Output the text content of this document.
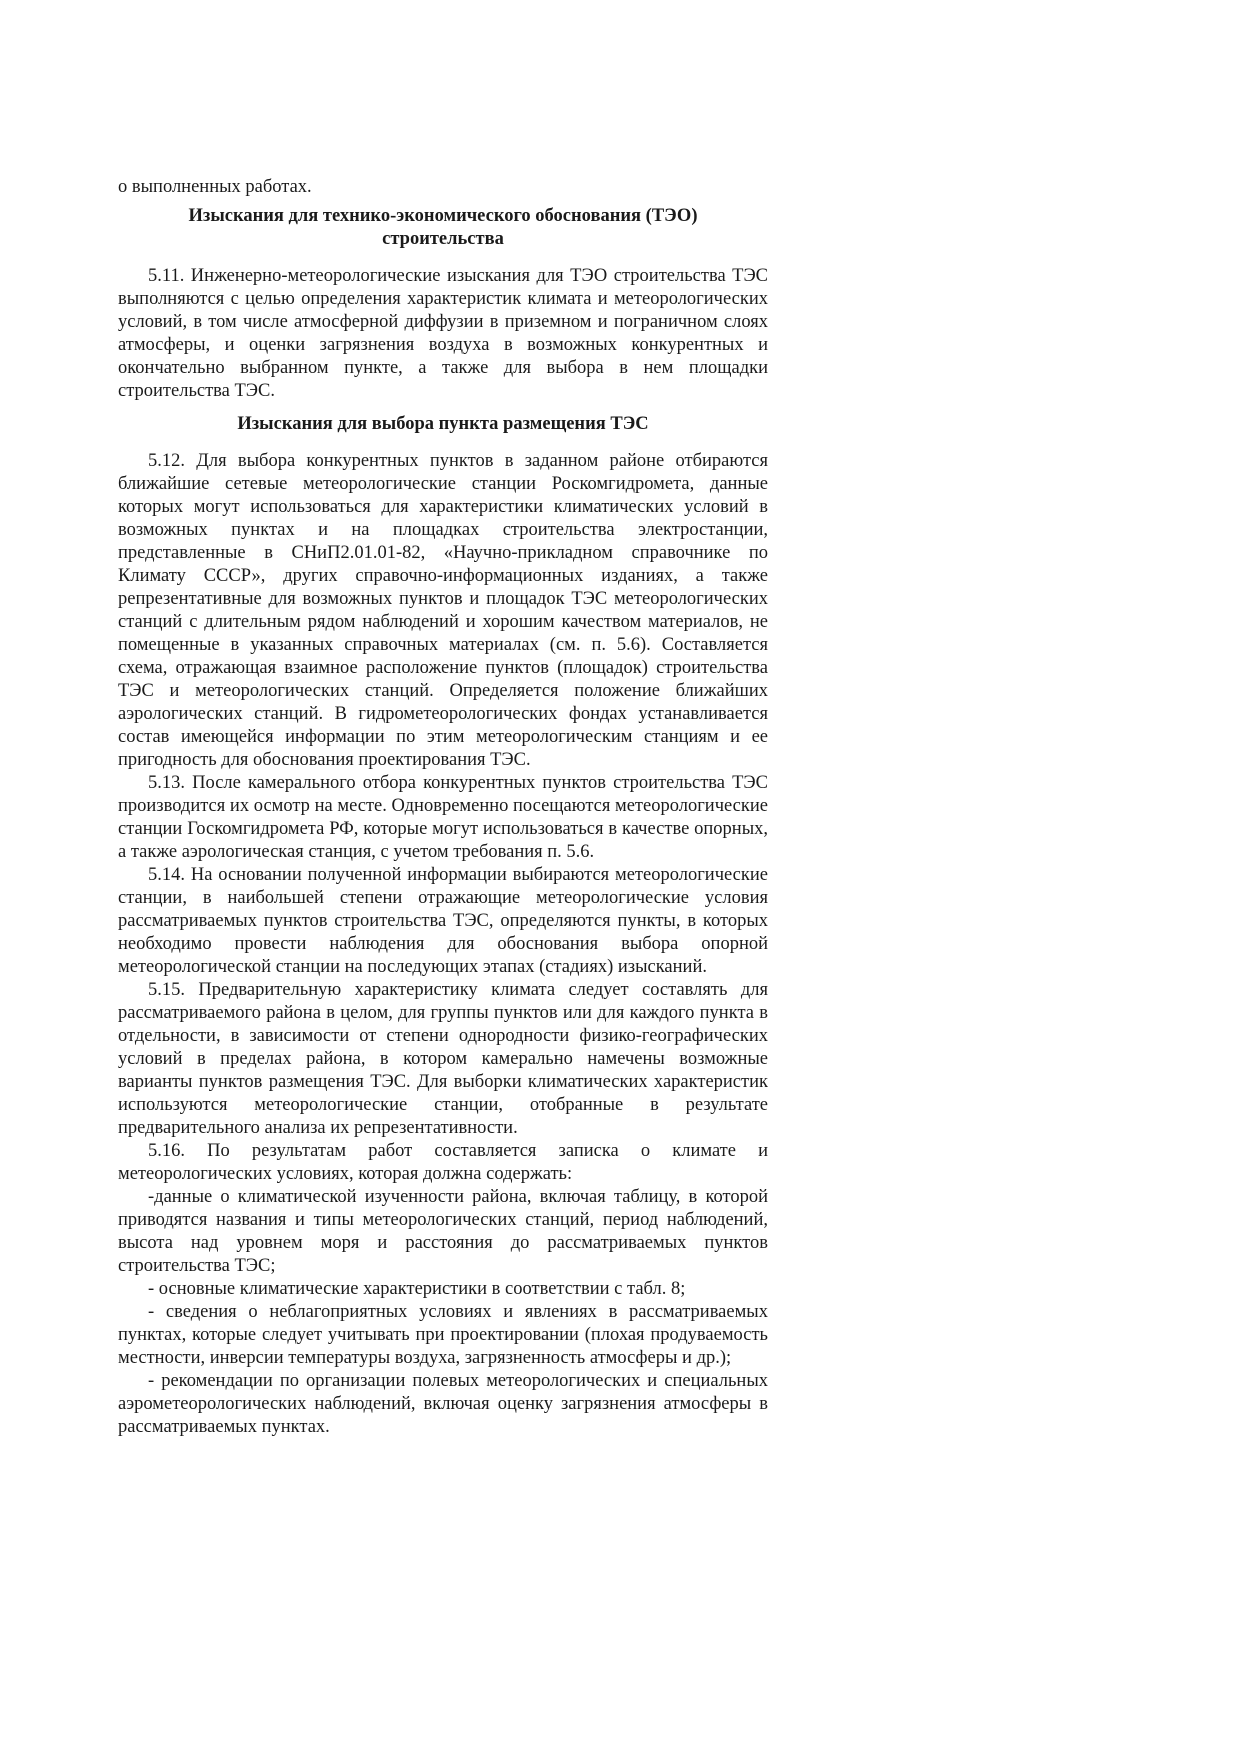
о выполненных работах.

Изыскания для технико-экономического обоснования (ТЭО) строительства

5.11. Инженерно-метеорологические изыскания для ТЭО строительства ТЭС выполняются с целью определения характеристик климата и метеорологических условий, в том числе атмосферной диффузии в приземном и пограничном слоях атмосферы, и оценки загрязнения воздуха в возможных конкурентных и окончательно выбранном пункте, а также для выбора в нем площадки строительства ТЭС.

Изыскания для выбора пункта размещения ТЭС

5.12. Для выбора конкурентных пунктов в заданном районе отбираются ближайшие сетевые метеорологические станции Роскомгидромета, данные которых могут использоваться для характеристики климатических условий в возможных пунктах и на площадках строительства электростанции, представленные в СНиП2.01.01-82, «Научно-прикладном справочнике по Климату СССР», других справочно-информационных изданиях, а также репрезентативные для возможных пунктов и площадок ТЭС метеорологических станций с длительным рядом наблюдений и хорошим качеством материалов, не помещенные в указанных справочных материалах (см. п. 5.6). Составляется схема, отражающая взаимное расположение пунктов (площадок) строительства ТЭС и метеорологических станций. Определяется положение ближайших аэрологических станций. В гидрометеорологических фондах устанавливается состав имеющейся информации по этим метеорологическим станциям и ее пригодность для обоснования проектирования ТЭС.

5.13. После камерального отбора конкурентных пунктов строительства ТЭС производится их осмотр на месте. Одновременно посещаются метеорологические станции Госкомгидромета РФ, которые могут использоваться в качестве опорных, а также аэрологическая станция, с учетом требования п. 5.6.

5.14. На основании полученной информации выбираются метеорологические станции, в наибольшей степени отражающие метеорологические условия рассматриваемых пунктов строительства ТЭС, определяются пункты, в которых необходимо провести наблюдения для обоснования выбора опорной метеорологической станции на последующих этапах (стадиях) изысканий.

5.15. Предварительную характеристику климата следует составлять для рассматриваемого района в целом, для группы пунктов или для каждого пункта в отдельности, в зависимости от степени однородности физико-географических условий в пределах района, в котором камерально намечены возможные варианты пунктов размещения ТЭС. Для выборки климатических характеристик используются метеорологические станции, отобранные в результате предварительного анализа их репрезентативности.

5.16. По результатам работ составляется записка о климате и метеорологических условиях, которая должна содержать:

-данные о климатической изученности района, включая таблицу, в которой приводятся названия и типы метеорологических станций, период наблюдений, высота над уровнем моря и расстояния до рассматриваемых пунктов строительства ТЭС;

- основные климатические характеристики в соответствии с табл. 8;

- сведения о неблагоприятных условиях и явлениях в рассматриваемых пунктах, которые следует учитывать при проектировании (плохая продуваемость местности, инверсии температуры воздуха, загрязненность атмосферы и др.);

- рекомендации по организации полевых метеорологических и специальных аэрометеорологических наблюдений, включая оценку загрязнения атмосферы в рассматриваемых пунктах.
